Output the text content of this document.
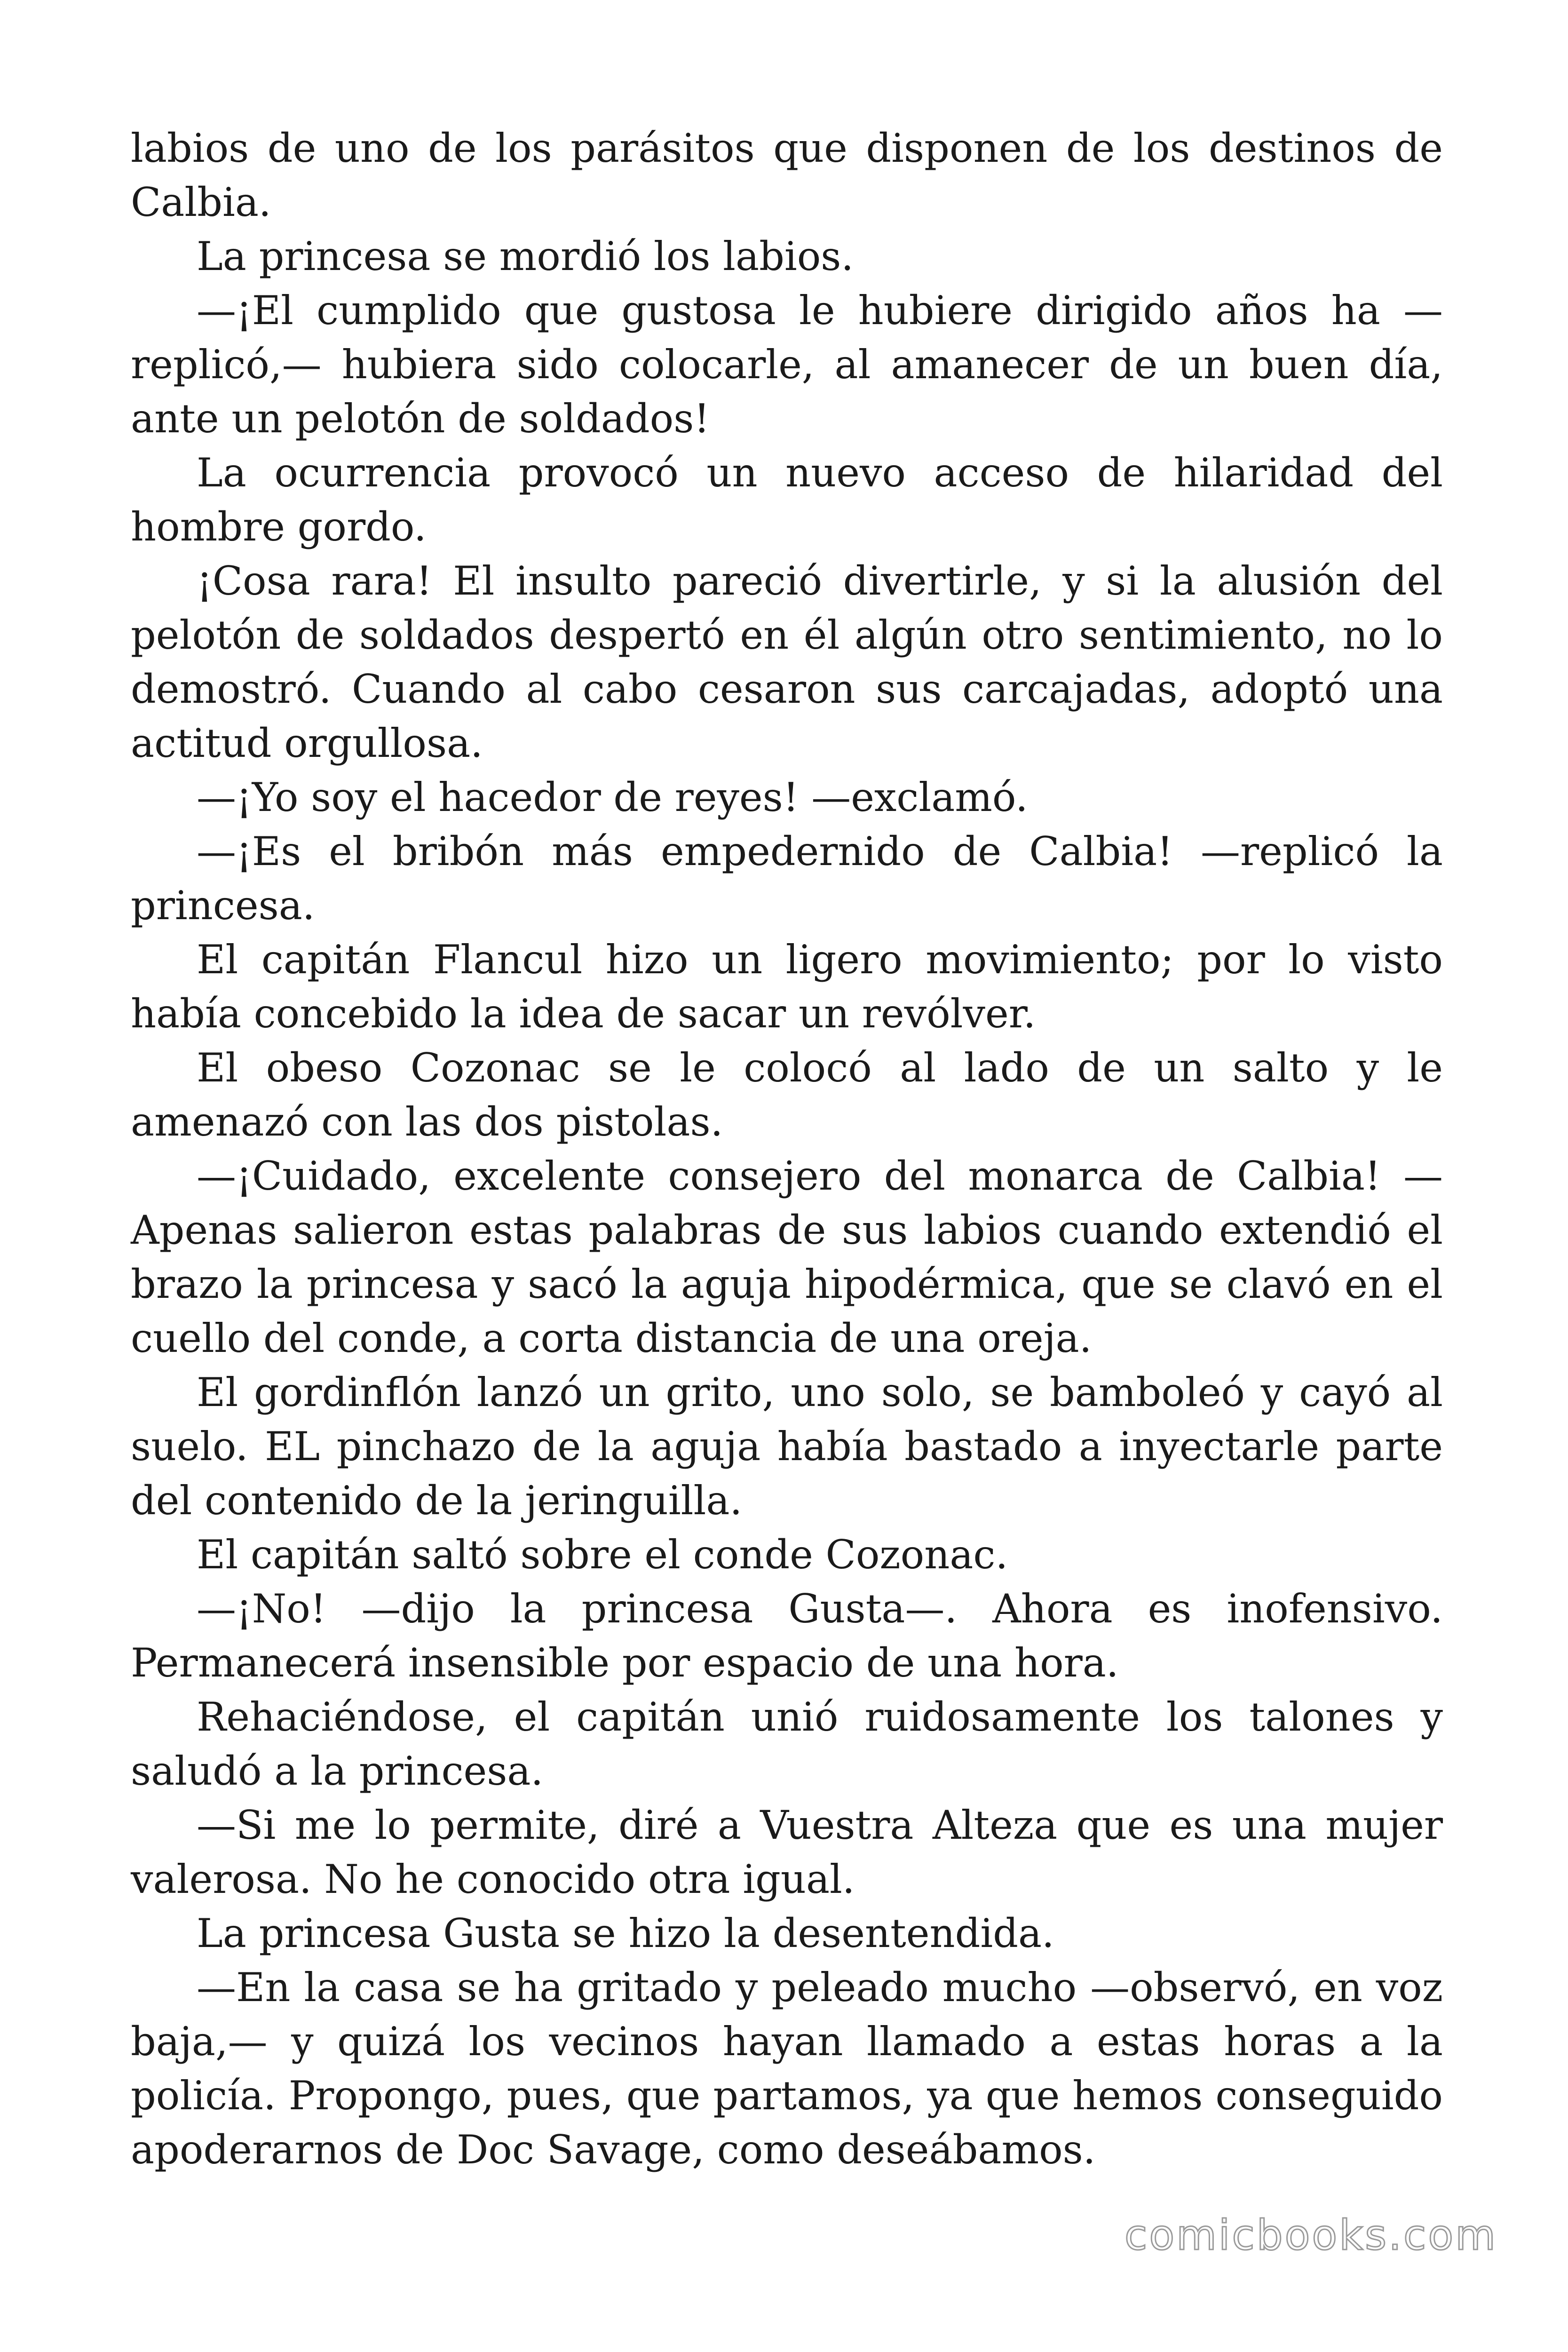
labios de uno de los parásitos que disponen de los destinos de Calbia.

La princesa se mordió los labios.

—¡El cumplido que gustosa le hubiere dirigido años ha —replicó,— hubiera sido colocarle, al amanecer de un buen día, ante un pelotón de soldados!

La ocurrencia provocó un nuevo acceso de hilaridad del hombre gordo.

¡Cosa rara! El insulto pareció divertirle, y si la alusión del pelotón de soldados despertó en él algún otro sentimiento, no lo demostró. Cuando al cabo cesaron sus carcajadas, adoptó una actitud orgullosa.

—¡Yo soy el hacedor de reyes! —exclamó.

—¡Es el bribón más empedernido de Calbia! —replicó la princesa.

El capitán Flancul hizo un ligero movimiento; por lo visto había concebido la idea de sacar un revólver.

El obeso Cozonac se le colocó al lado de un salto y le amenazó con las dos pistolas.

—¡Cuidado, excelente consejero del monarca de Calbia! —Apenas salieron estas palabras de sus labios cuando extendió el brazo la princesa y sacó la aguja hipodérmica, que se clavó en el cuello del conde, a corta distancia de una oreja.

El gordinflón lanzó un grito, uno solo, se bamboleó y cayó al suelo. EL pinchazo de la aguja había bastado a inyectarle parte del contenido de la jeringuilla.

El capitán saltó sobre el conde Cozonac.

—¡No! —dijo la princesa Gusta—. Ahora es inofensivo. Permanecerá insensible por espacio de una hora.

Rehaciéndose, el capitán unió ruidosamente los talones y saludó a la princesa.

—Si me lo permite, diré a Vuestra Alteza que es una mujer valerosa. No he conocido otra igual.

La princesa Gusta se hizo la desentendida.

—En la casa se ha gritado y peleado mucho —observó, en voz baja,— y quizá los vecinos hayan llamado a estas horas a la policía. Propongo, pues, que partamos, ya que hemos conseguido apoderarnos de Doc Savage, como deseábamos.

comicbooks.com
